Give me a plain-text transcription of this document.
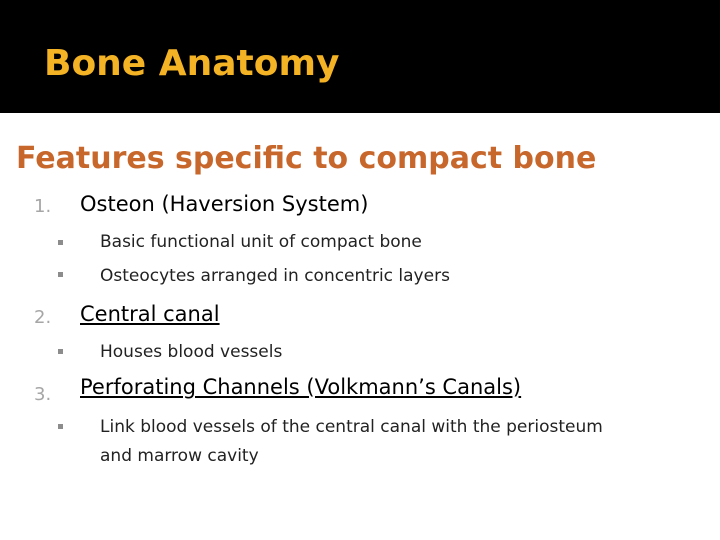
Bone Anatomy
Features specific to compact bone
1. Osteon (Haversion System)
Basic functional unit of compact bone
Osteocytes arranged in concentric layers
2. Central canal
Houses blood vessels
3. Perforating Channels (Volkmann’s Canals)
Link blood vessels of the central canal with the periosteum
and marrow cavity
